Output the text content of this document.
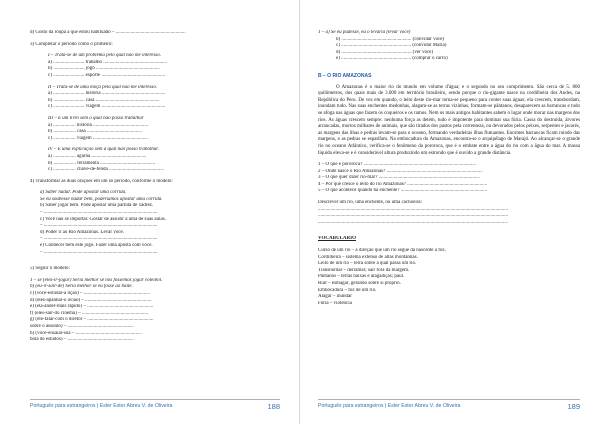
d) Gosto da roupa a que estou habituado – ........................................................
3) Completar o período como o primeiro:
I – Trata-se de um problema pelo qual não me interesso.
a) ......................... trabalho ...................................................
b) ......................... jogo ...................................................
c) ......................... esporte ...................................................
II – Trata-se de uma moça pela qual não me interesso.
a) ......................... história ...................................................
b) ......................... casa ...................................................
c) ......................... viagem ...................................................
III – É um livro sem o qual não posso trabalhar
a) .................. história ............................................
b) .................. casa ............................................
c) .................. viagem ............................................
IV – É uma explicação sem a qual não posso trabalhar.
a) .................. agulha ............................................
b) .................. ferramenta ............................................
c) .................. chave-de-fenda ............................................
4) Transformar as duas orações em um só período, conforme o modelo:
a) Saber nadar. Pode apostar uma corrida.
Se eu soubesse nadar bem, poderíamos apostar uma corrida.
b) Saber jogar bem. Pode apostar uma partida de xadrez.
– ...........................................................................................
c) Você não se importar. Gostar de assistir a uma de suas aulas.
– ...........................................................................................
d) Poder ir ao Rio Amazonas. Levar você.
– ...........................................................................................
e) Conhecer bem este jogo. Fazer uma aposta com você.
– ...........................................................................................
5) Seguir o modelo:
1 – se (eles-ir-jogar) Seria melhor se nós fôssemos jogar voleibol.
b) (eu-ir-sair-de) Seria melhor se eu fosse ao baile.
c) (você-estudar-a lição) – .....................................................
d) (eles-apanhar-o avião) – .....................................................
e) (ela-ander-mais rápido) – .....................................................
f) (eles-sair-do cinema) – .....................................................
g) (ele-falar-com o diretor – .....................................................
sobre o assunto) – .....................................................
h) (você-ensaiar-sua – .....................................................
bola de estudos) – .....................................................
Português para estrangeiros | Ester Ester Abreu V. de Oliveira	188
1 – a) Se eu pudesse, eu o levaria (levar você)
b) ........................................................ (convidar você)
c) ........................................................ (convidar Maria)
d) ........................................................ (ver você)
e) ........................................................ (comprar o carro)
B – O RIO AMAZONAS
O Amazonas é o maior rio do mundo em volume d'água; e o segundo no seu comprimento. São cerca de 5. 800 quilômetros, dos quais mais de 3.000 em território brasileiro, sendo porque o rio-gigante nasce na cordilheira dos Andes, na República do Peru. De vez em quando, o leito deste rio-mar torna-se pequeno para conter suas águas; ela crescem, transbordam, inundam tudo. Nas suas enchentes medonhas, alagam-se as terras vizinhas, formam-se pântanos, desaparecem as barrancas e tudo se afoga nas águas que fazem os coqueiros e os ramos. Nem os mais antigos habitantes sabem o lugar onde morar nas margens dos rios. As águas crescem sempre: nenhuma força as detém, tudo é impotente para dominar sua fúria. Cassa do destruída, árvores arrancadas, mortos milhares de animais, que são tirados dos pastos pela correnteza, ou devorados pelos peixes, serpentes e jacarés, as margens das ilhas e pedras levam-se para o oceano, formando verdadeiras ilhas flutuantes. Enormes barrancas ficam ruindo das margens, e as pedras se espatifam. Na embocadura do Amazonas, encontra-se o arquipélago de Marajó. Ao alcançar-se o grande rio no oceano Atlântico, verifica-se o fenômeno da pororoca, que é o embate entre a água do rio com a água do mar. A massa líquida eleva-se e é considerável altura produzindo um estrondo que é ouvido a grande distância.
1 – O que é pororoca? ..........................................................................................
2 – Onde nasce o Rio Amazonas? .............................................................................
3 – O que quer dizer rio-mar? .................................................................................
4 – Por que cresce o leito do rio Amazonas? ................................................................
5 – O que acontece quando há enchente? .....................................................................
Descrever um rio, uma enchente, ou uma cachoeira:
........................................................................................................................................................
........................................................................................................................................................
........................................................................................................................................................
VOCABULÁRIO
Curso de um rio – a direção que um rio segue da nascente à foz.
Cordilheira – sistema extenso de altas montanhas.
Leito de um rio – terra sobre a qual passa um rio.
Transbordar – derramar; sair fora da margem.
Pântanos – terras baixas e alagadiças; paul.
Ruir – esmagar, gerando sobre si próprio.
Embocadura – foz de um rio.
Alagar – inundar
Fúria – violência
Português para estrangeiros | Ester Ester Abreu V. de Oliveira	189
